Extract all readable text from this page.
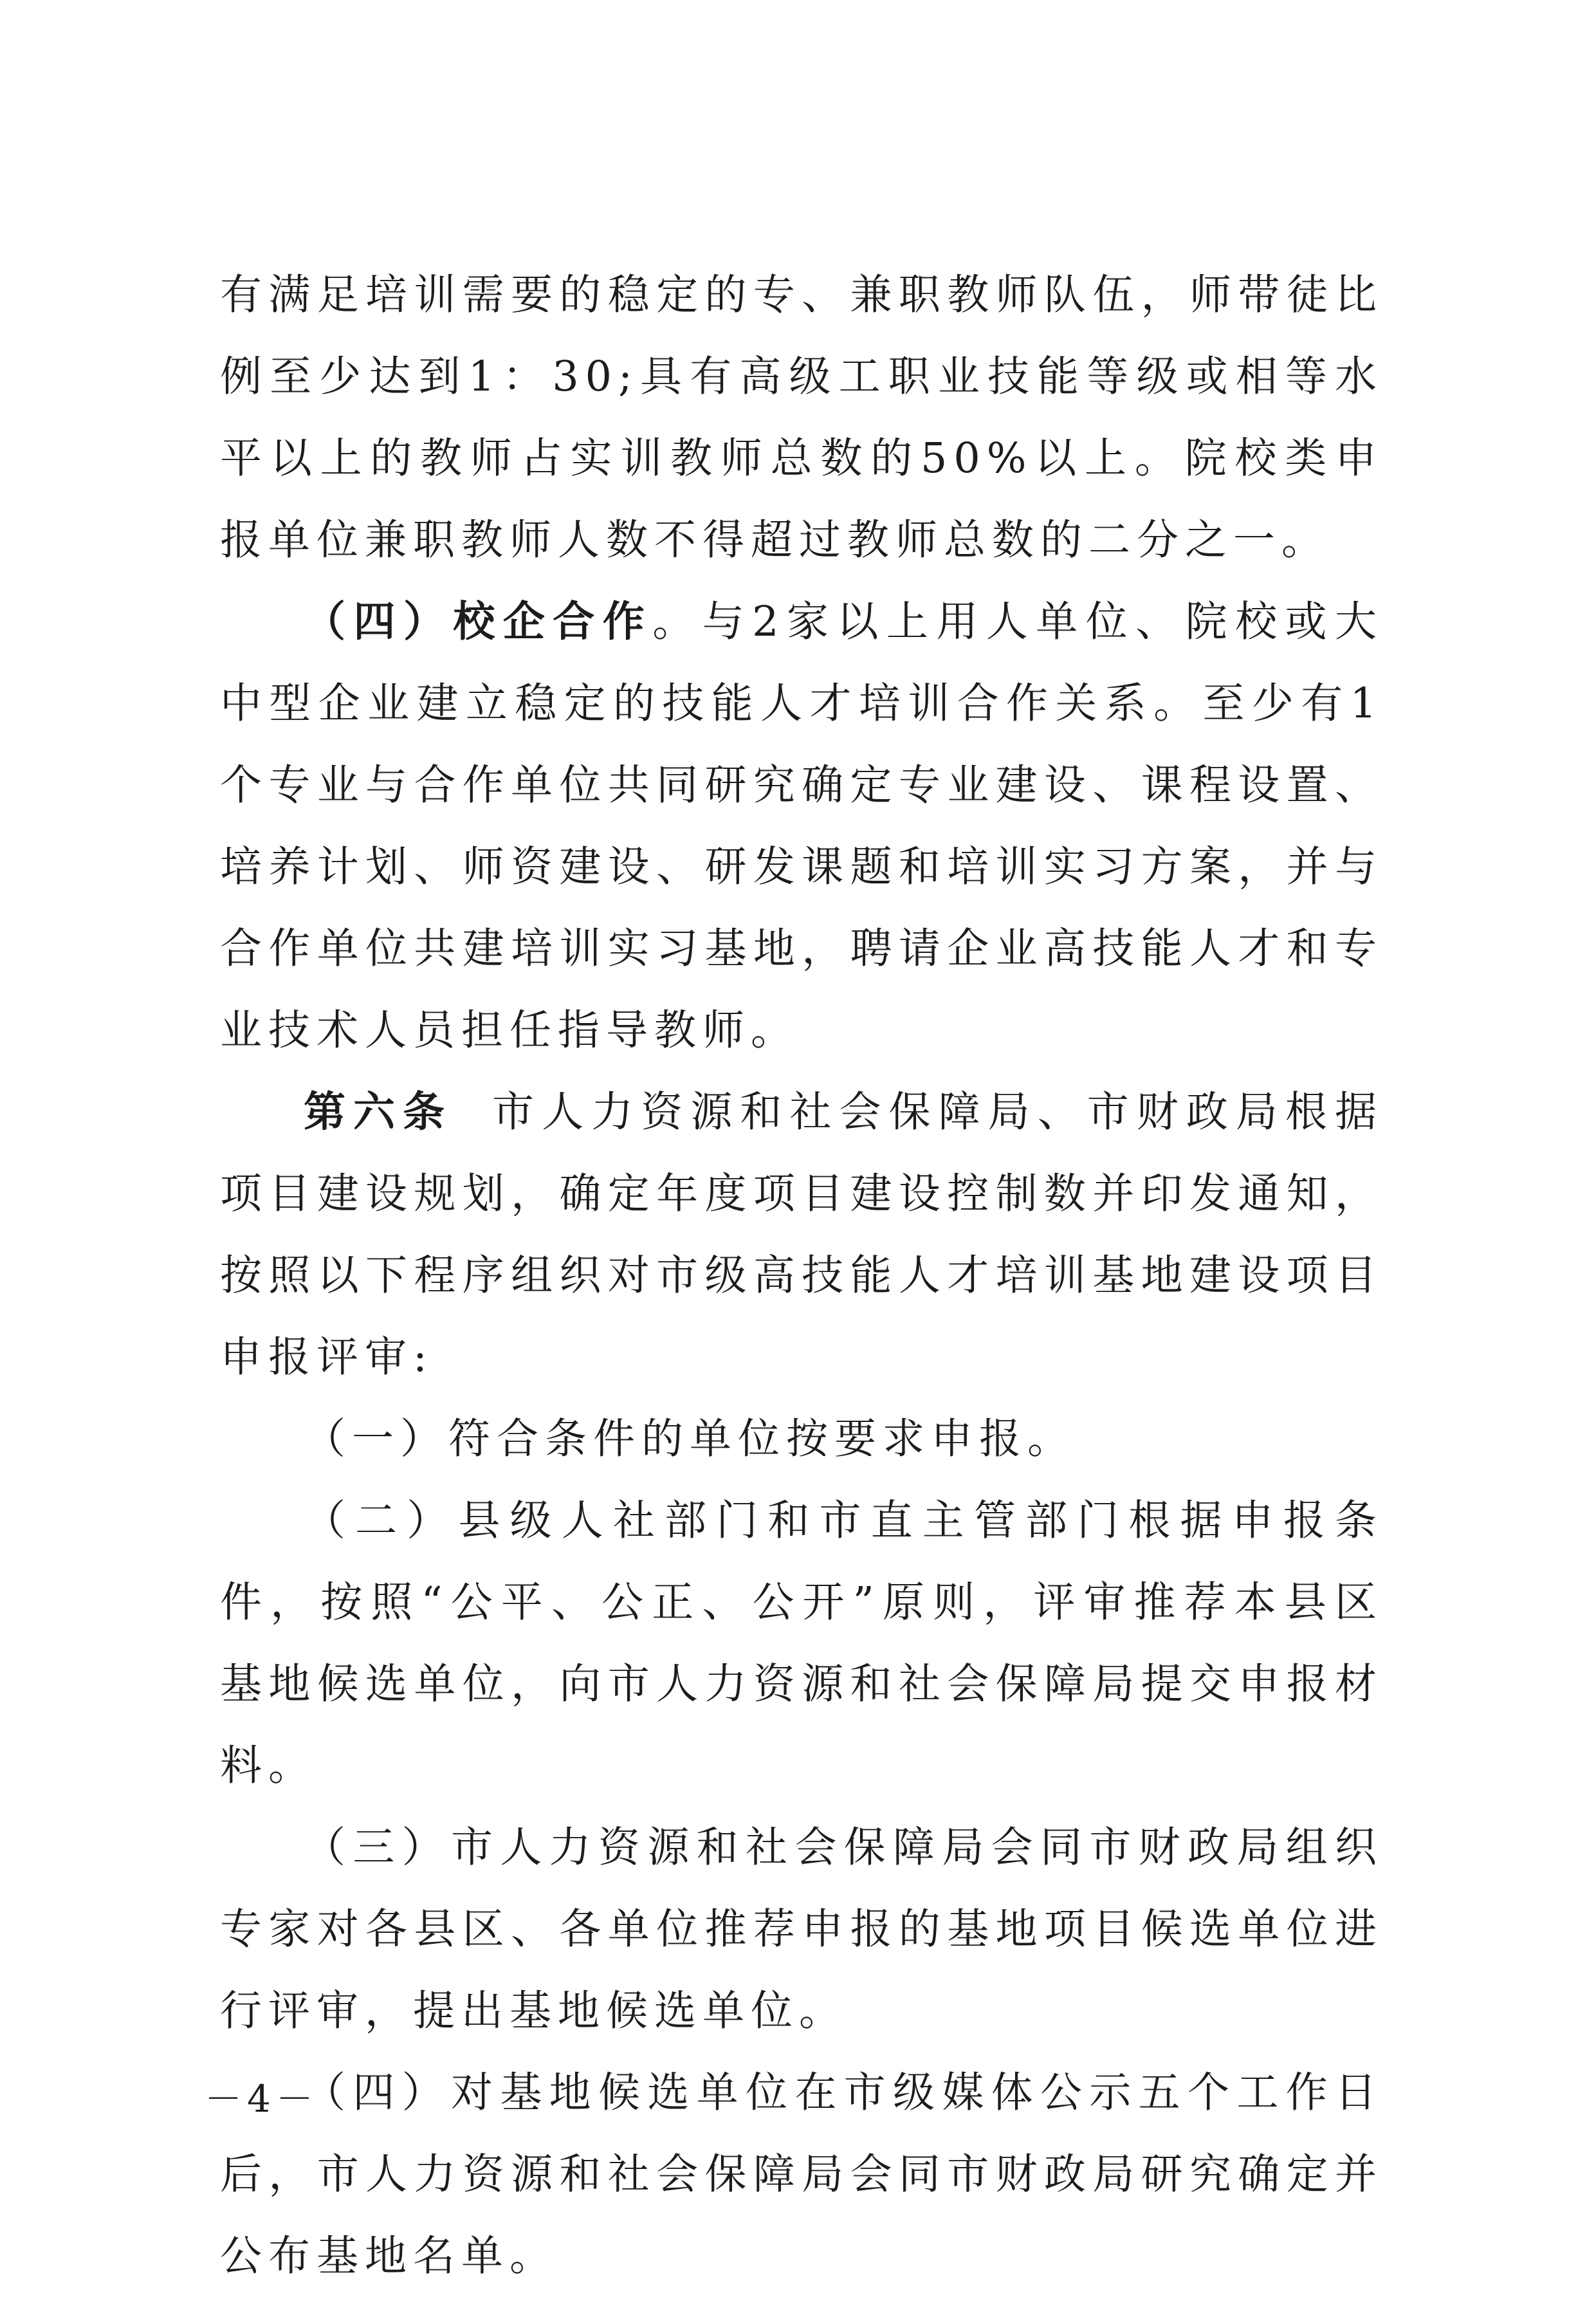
有满足培训需要的稳定的专、兼职教师队伍，师带徒比例至少达到1：30;具有高级工职业技能等级或相等水平以上的教师占实训教师总数的50%以上。院校类申报单位兼职教师人数不得超过教师总数的二分之一。

（四）校企合作。与2家以上用人单位、院校或大中型企业建立稳定的技能人才培训合作关系。至少有1个专业与合作单位共同研究确定专业建设、课程设置、培养计划、师资建设、研发课题和培训实习方案，并与合作单位共建培训实习基地，聘请企业高技能人才和专业技术人员担任指导教师。

第六条 市人力资源和社会保障局、市财政局根据项目建设规划，确定年度项目建设控制数并印发通知，按照以下程序组织对市级高技能人才培训基地建设项目申报评审:

（一）符合条件的单位按要求申报。

（二）县级人社部门和市直主管部门根据申报条件，按照“公平、公正、公开”原则，评审推荐本县区基地候选单位，向市人力资源和社会保障局提交申报材料。

（三）市人力资源和社会保障局会同市财政局组织专家对各县区、各单位推荐申报的基地项目候选单位进行评审，提出基地候选单位。

（四）对基地候选单位在市级媒体公示五个工作日后，市人力资源和社会保障局会同市财政局研究确定并公布基地名单。

－4－
